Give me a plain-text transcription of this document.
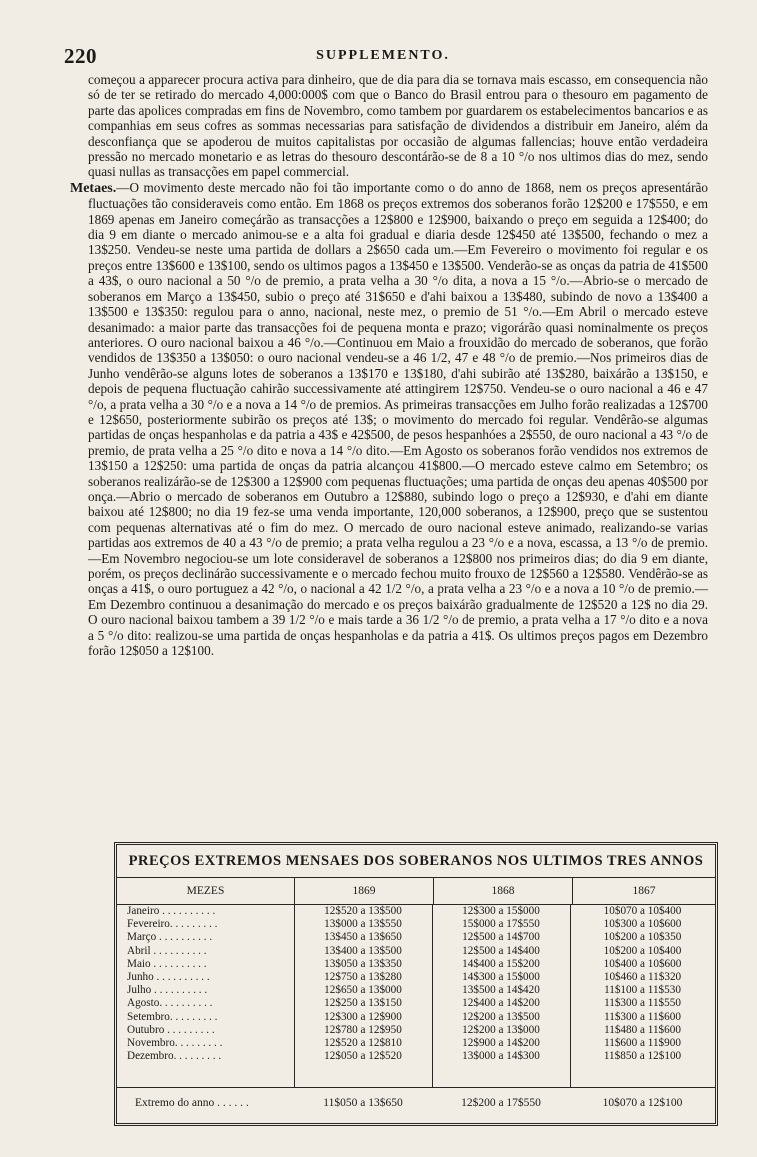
220	SUPPLEMENTO.

começou a apparecer procura activa para dinheiro, que de dia para dia se tornava mais escasso, em consequencia não só de ter se retirado do mercado 4,000:000$ com que o Banco do Brasil entrou para o thesouro em pagamento de parte das apolices compradas em fins de Novembro, como tambem por guardarem os estabelecimentos bancarios e as companhias em seus cofres as sommas necessarias para satisfação de dividendos a distribuir em Janeiro, além da desconfiança que se apoderou de muitos capitalistas por occasião de algumas fallencias; houve então verdadeira pressão no mercado monetario e as letras do thesouro descontárão-se de 8 a 10 °/o nos ultimos dias do mez, sendo quasi nullas as transacções em papel commercial.

Metaes.—O movimento deste mercado não foi tão importante como o do anno de 1868, nem os preços apresentárão fluctuações tão consideraveis como então. Em 1868 os preços extremos dos soberanos forão 12$200 e 17$550, e em 1869 apenas em Janeiro começárão as transacções a 12$800 e 12$900, baixando o preço em seguida a 12$400; do dia 9 em diante o mercado animou-se e a alta foi gradual e diaria desde 12$450 até 13$500, fechando o mez a 13$250. Vendeu-se neste uma partida de dollars a 2$650 cada um.—Em Fevereiro o movimento foi regular e os preços entre 13$600 e 13$100, sendo os ultimos pagos a 13$450 e 13$500. Venderão-se as onças da patria de 41$500 a 43$, o ouro nacional a 50 °/o de premio, a prata velha a 30 °/o dita, a nova a 15 °/o.—Abrio-se o mercado de soberanos em Março a 13$450, subio o preço até 31$650 e d'ahi baixou a 13$480, subindo de novo a 13$400 a 13$500 e 13$350: regulou para o anno, nacional, neste mez, o premio de 51 °/o.—Em Abril o mercado esteve desanimado: a maior parte das transacções foi de pequena monta e prazo; vigorárão quasi nominalmente os preços anteriores. O ouro nacional baixou a 46 °/o.—Continuou em Maio a frouxidão do mercado de soberanos, que forão vendidos de 13$350 a 13$050: o ouro nacional vendeu-se a 46 1/2, 47 e 48 °/o de premio.—Nos primeiros dias de Junho vendêrão-se alguns lotes de soberanos a 13$170 e 13$180, d'ahi subirão até 13$280, baixárão a 13$150, e depois de pequena fluctuação cahirão successivamente até attingirem 12$750. Vendeu-se o ouro nacional a 46 e 47 °/o, a prata velha a 30 °/o e a nova a 14 °/o de premios. As primeiras transacções em Julho forão realizadas a 12$700 e 12$650, posteriormente subirão os preços até 13$; o movimento do mercado foi regular. Vendêrão-se algumas partidas de onças hespanholas e da patria a 43$ e 42$500, de pesos hespanhóes a 2$550, de ouro nacional a 43 °/o de premio, de prata velha a 25 °/o dito e nova a 14 °/o dito.—Em Agosto os soberanos forão vendidos nos extremos de 13$150 a 12$250: uma partida de onças da patria alcançou 41$800.—O mercado esteve calmo em Setembro; os soberanos realizárão-se de 12$300 a 12$900 com pequenas fluctuações; uma partida de onças deu apenas 40$500 por onça.—Abrio o mercado de soberanos em Outubro a 12$880, subindo logo o preço a 12$930, e d'ahi em diante baixou até 12$800; no dia 19 fez-se uma venda importante, 120,000 soberanos, a 12$900, preço que se sustentou com pequenas alternativas até o fim do mez. O mercado de ouro nacional esteve animado, realizando-se varias partidas aos extremos de 40 a 43 °/o de premio; a prata velha regulou a 23 °/o e a nova, escassa, a 13 °/o de premio.—Em Novembro negociou-se um lote consideravel de soberanos a 12$800 nos primeiros dias; do dia 9 em diante, porém, os preços declinárão successivamente e o mercado fechou muito frouxo de 12$560 a 12$580. Vendêrão-se as onças a 41$, o ouro portuguez a 42 °/o, o nacional a 42 1/2 °/o, a prata velha a 23 °/o e a nova a 10 °/o de premio.—Em Dezembro continuou a desanimação do mercado e os preços baixárão gradualmente de 12$520 a 12$ no dia 29. O ouro nacional baixou tambem a 39 1/2 °/o e mais tarde a 36 1/2 °/o de premio, a prata velha a 17 °/o dito e a nova a 5 °/o dito: realizou-se uma partida de onças hespanholas e da patria a 41$. Os ultimos preços pagos em Dezembro forão 12$050 a 12$100.

PREÇOS EXTREMOS MENSAES DOS SOBERANOS NOS ULTIMOS TRES ANNOS
MEZES	1869	1868	1867
Janeiro . . . . . . . . . .	12$520 a 13$500	12$300 a 15$000	10$070 a 10$400
Fevereiro. . . . . . . . .	13$000 a 13$550	15$000 a 17$550	10$300 a 10$600
Março . . . . . . . . . .	13$450 a 13$650	12$500 a 14$700	10$200 a 10$350
Abril . . . . . . . . . .	13$400 a 13$500	12$500 a 14$400	10$200 a 10$400
Maio . . . . . . . . . .	13$050 a 13$350	14$400 a 15$200	10$400 a 10$600
Junho . . . . . . . . . .	12$750 a 13$280	14$300 a 15$000	10$460 a 11$320
Julho . . . . . . . . . .	12$650 a 13$000	13$500 a 14$420	11$100 a 11$530
Agosto. . . . . . . . . .	12$250 a 13$150	12$400 a 14$200	11$300 a 11$550
Setembro. . . . . . . . .	12$300 a 12$900	12$200 a 13$500	11$300 a 11$600
Outubro . . . . . . . . .	12$780 a 12$950	12$200 a 13$000	11$480 a 11$600
Novembro. . . . . . . . .	12$520 a 12$810	12$900 a 14$200	11$600 a 11$900
Dezembro. . . . . . . . .	12$050 a 12$520	13$000 a 14$300	11$850 a 12$100
Extremo do anno . . . . . .	11$050 a 13$650	12$200 a 17$550	10$070 a 12$100
